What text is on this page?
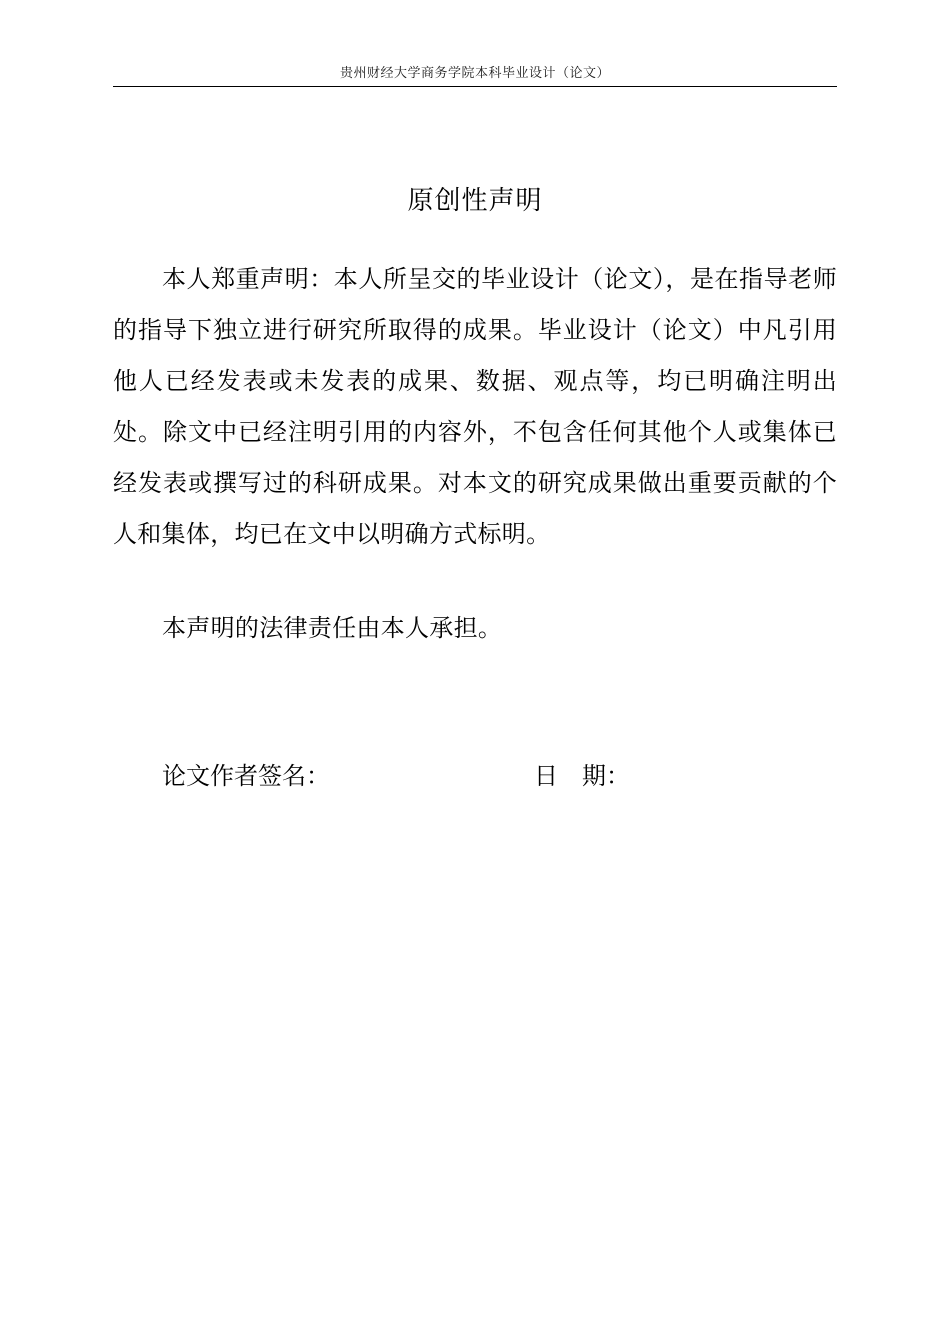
贵州财经大学商务学院本科毕业设计（论文）
原创性声明

本人郑重声明：本人所呈交的毕业设计（论文），是在指导老师的指导下独立进行研究所取得的成果。毕业设计（论文）中凡引用他人已经发表或未发表的成果、数据、观点等，均已明确注明出处。除文中已经注明引用的内容外，不包含任何其他个人或集体已经发表或撰写过的科研成果。对本文的研究成果做出重要贡献的个人和集体，均已在文中以明确方式标明。

本声明的法律责任由本人承担。

论文作者签名：	日　期：
